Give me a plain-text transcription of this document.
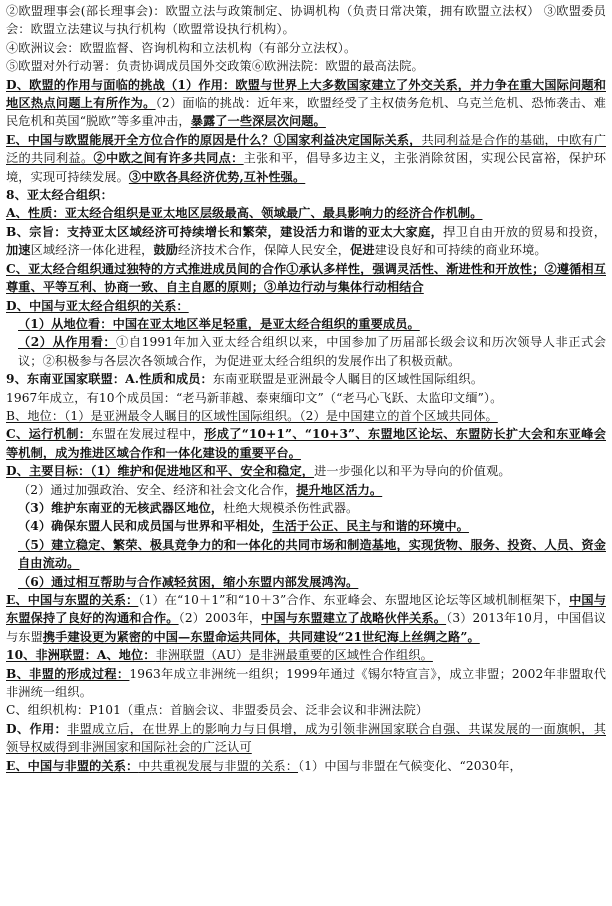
②欧盟理事会(部长理事会)：欧盟立法与政策制定、协调机构（负责日常决策，拥有欧盟立法权） ③欧盟委员会：欧盟立法建议与执行机构（欧盟常设执行机构）。
④欧洲议会：欧盟监督、咨询机构和立法机构（有部分立法权）。
⑤欧盟对外行动署：负责协调成员国外交政策⑥欧洲法院：欧盟的最高法院。
D、欧盟的作用与面临的挑战（1）作用：欧盟与世界上大多数国家建立了外交关系，并力争在重大国际问题和地区热点问题上有所作为。（2）面临的挑战：近年来，欧盟经受了主权债务危机、乌克兰危机、恐怖袭击、难民危机和英国“脱欧”等多重冲击，暴露了一些深层次问题。
E、中国与欧盟能展开全方位合作的原因是什么？①国家利益决定国际关系，共同利益是合作的基础，中欧有广泛的共同利益。②中欧之间有许多共同点：主张和平，倡导多边主义，主张消除贫困，实现公民富裕，保护环境，实现可持续发展。③中欧各具经济优势,互补性强。
8、亚太经合组织：
A、性质：亚太经合组织是亚太地区层级最高、领域最广、最具影响力的经济合作机制。
B、宗旨：支持亚太区域经济可持续增长和繁荣，建设活力和谐的亚太大家庭，捍卫自由开放的贸易和投资，加速区域经济一体化进程，鼓励经济技术合作，保障人民安全，促进建设良好和可持续的商业环境。
C、亚太经合组织通过独特的方式推进成员间的合作①承认多样性，强调灵活性、渐进性和开放性；②遵循相互尊重、平等互利、协商一致、自主自愿的原则；③单边行动与集体行动相结合
D、中国与亚太经合组织的关系：
（1）从地位看：中国在亚太地区举足轻重，是亚太经合组织的重要成员。
（2）从作用看：①自1991年加入亚太经合组织以来，中国参加了历届部长级会议和历次领导人非正式会议；②积极参与各层次各领域合作，为促进亚太经合组织的发展作出了积极贡献。
9、东南亚国家联盟：A.性质和成员：东南亚联盟是亚洲最令人瞩目的区域性国际组织。
1967年成立，有10个成员国：“老马新菲越、泰柬缅印文”（“老马心飞跃、太监印文缅”）。
B、地位：（1）是亚洲最令人瞩目的区域性国际组织。（2）是中国建立的首个区域共同体。
C、运行机制：东盟在发展过程中，形成了“10+1”、“10+3”、东盟地区论坛、东盟防长扩大会和东亚峰会等机制，成为推进区域合作和一体化建设的重要平台。
D、主要目标：（1）维护和促进地区和平、安全和稳定，进一步强化以和平为导向的价值观。
（2）通过加强政治、安全、经济和社会文化合作，提升地区活力。
（3）维护东南亚的无核武器区地位，杜绝大规模杀伤性武器。
（4）确保东盟人民和成员国与世界和平相处，生活于公正、民主与和谐的环境中。
（5）建立稳定、繁荣、极具竞争力的和一体化的共同市场和制造基地，实现货物、服务、投资、人员、资金自由流动。
（6）通过相互帮助与合作减轻贫困，缩小东盟内部发展鸿沟。
E、中国与东盟的关系：（1）在“10＋1”和“10＋3”合作、东亚峰会、东盟地区论坛等区域机制框架下，中国与东盟保持了良好的沟通和合作。（2）2003年，中国与东盟建立了战略伙伴关系。（3）2013年10月，中国倡议与东盟携手建设更为紧密的中国—东盟命运共同体，共同建设“21世纪海上丝绸之路”。
10、非洲联盟：A、地位：非洲联盟（AU）是非洲最重要的区域性合作组织。
B、非盟的形成过程：1963年成立非洲统一组织；1999年通过《锡尔特宣言》，成立非盟；2002年非盟取代非洲统一组织。
C、组织机构：P101（重点：首脑会议、非盟委员会、泛非会议和非洲法院）
D、作用：非盟成立后，在世界上的影响力与日俱增，成为引领非洲国家联合自强、共谋发展的一面旗帜，其领导权威得到非洲国家和国际社会的广泛认可
E、中国与非盟的关系：中共重视发展与非盟的关系：（1）中国与非盟在气候变化、“2030年，
